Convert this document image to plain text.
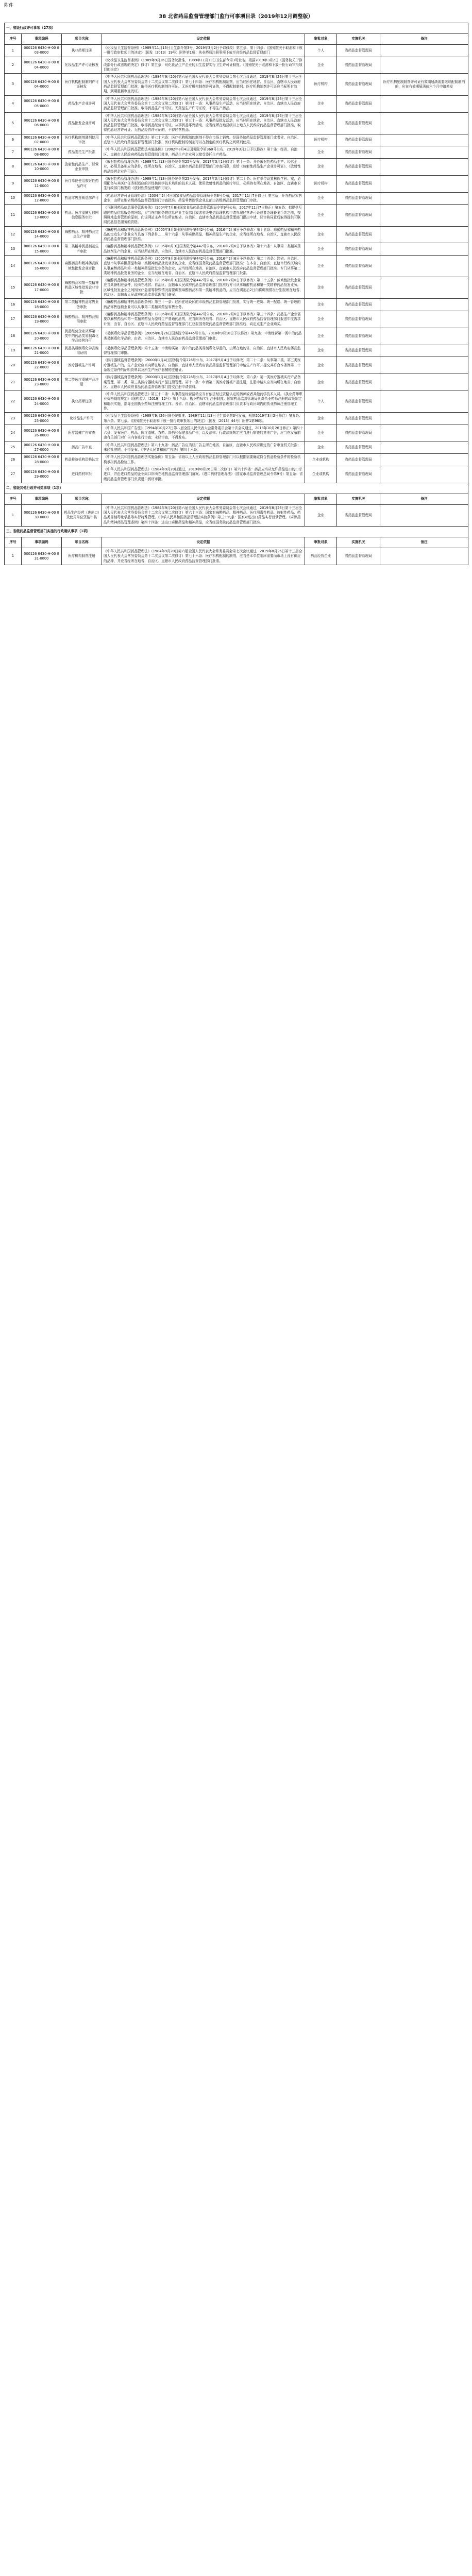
附件
38 北省药品监督管理部门监行可事项目录（2019年12月调整版）
一、省级行政许可事项（27项）						
序号	事项编码	项目名称	设定依据	审批对象	实施机关	备注
1	000126 6430-H-00 003-0000	执业药师注册	《化妆品卫生监督条例》（1989年11月13日卫生部令第3号，2019年3月2日予以修改）第五条、第十四条；《国务院关于取消和下放一批行政审批项目的决定》（国发〔2013〕19号）附件第1项：执业药师注册事项下放至省级药品监督管理部门	个人	省药品监督管理局	
2	000126 6430-H-00 004-0000	化妆品生产许可证核发	《化妆品卫生监督条例》（1989年9月26日国务院批准、1989年11月13日卫生部令第3号发布，根据2019年3月2日《国务院关于修改部分行政法规的决定》修订）第五条：对化妆品生产企业的卫生监督实行卫生许可证制度。《国务院关于取消和下放一批行政审批项目的决定》	企业	省药品监督管理局	
3	000126 6430-H-00 004-0000	医疗机构配制制剂许可证核发	《中华人民共和国药品管理法》（1984年9月20日第六届全国人民代表大会常务委员会第七次会议通过，2019年8月26日第十三届全国人民代表大会常务委员会第十二次会议第二次修订）第七十四条：医疗机构配制制剂，应当经所在地省、自治区、直辖市人民政府药品监督管理部门批准，取得医疗机构制剂许可证。无医疗机构制剂许可证的，不得配制制剂。医疗机构制剂许可证应当标明有效期，到期重新审查发证。	医疗机构	省药品监督管理局	医疗机构配制制剂许可证有效期届满需要继续配制制剂的，应在有效期届满前六个月申请换发
4	000126 6430-H-00 005-0000	药品生产企业许可	《中华人民共和国药品管理法》（1984年9月20日第六届全国人民代表大会常务委员会第七次会议通过，2019年8月26日第十三届全国人民代表大会常务委员会第十二次会议第二次修订）第四十一条：从事药品生产活动，应当经所在地省、自治区、直辖市人民政府药品监督管理部门批准，取得药品生产许可证。无药品生产许可证的，不得生产药品。	企业	省药品监督管理局	
5	000126 6430-H-00 006-0000	药品批发企业许可	《中华人民共和国药品管理法》（1984年9月20日第六届全国人民代表大会常务委员会第七次会议通过，2019年8月26日第十三届全国人民代表大会常务委员会第十二次会议第二次修订）第五十一条：从事药品批发活动，应当经所在地省、自治区、直辖市人民政府药品监督管理部门批准，取得药品经营许可证。从事药品零售活动，应当经所在地县级以上地方人民政府药品监督管理部门批准，取得药品经营许可证。无药品经营许可证的，不得经营药品。	企业	省药品监督管理局	
6	000126 6430-H-00 007-0000	医疗机构制剂调剂使用审批	《中华人民共和国药品管理法》第七十六条：医疗机构配制的制剂不得在市场上销售。经国务院药品监督管理部门或者省、自治区、直辖市人民政府药品监督管理部门批准，医疗机构配制的制剂可以在指定的医疗机构之间调剂使用。	医疗机构	省药品监督管理局	
7	000126 6430-H-00 008-0000	药品委托生产批准	《中华人民共和国药品管理法实施条例》（2002年8月4日国务院令第360号公布，2019年3月2日予以修改）第十条：经省、自治区、直辖市人民政府药品监督管理部门批准，药品生产企业可以接受委托生产药品。	企业	省药品监督管理局	
8	000126 6430-H-00 010-0000	放射性药品生产、经营企业审批	《放射性药品管理办法》（1989年1月13日国务院令第25号发布，2017年3月1日修订）第十一条：开办放射性药品生产、经营企业，必须具备相应的条件，经所在地省、自治区、直辖市药品监督管理部门审查同意，发给《放射性药品生产企业许可证》、《放射性药品经营企业许可证》。	企业	省药品监督管理局	
9	000126 6430-H-00 011-0000	医疗单位使用放射性药品许可	《放射性药品管理办法》（1989年1月13日国务院令第25号发布，2017年3月1日修订）第二十条：医疗单位设置核医学科、室，必须配备与其医疗任务相适应的并经核医学技术培训的技术人员。使用放射性药品的医疗单位，必须持有所在地省、自治区、直辖市卫生行政部门核发的《放射性药品使用许可证》。	医疗机构	省药品监督管理局	
10	000126 6430-H-00 012-0000	药品零售连锁总部许可	《药品经营许可证管理办法》（2004年2月4日国家食品药品监督管理局令第6号公布，2017年11月7日修正）第三条：开办药品零售企业，由所在地省级药品监督管理部门审查批准。药品零售连锁企业总部由省级药品监督管理部门审批。	企业	省药品监督管理局	
11	000126 6430-H-00 013-0000	药品、医疗器械互联网信息服务审批	《互联网药品信息服务管理办法》（2004年7月8日国家食品药品监督管理局令第9号公布，2017年11月7日修正）第五条：拟提供互联网药品信息服务的网站，应当在向国务院信息产业主管部门或者省级电信管理机构申请办理经营许可证或者办理备案手续之前，按照属地监督管理的原则，向该网站主办单位所在地省、自治区、直辖市食品药品监督管理部门提出申请，经审核同意后取得提供互联网药品信息服务的资格。	企业	省药品监督管理局	
12	000126 6430-H-00 014-0000	麻醉药品、精神药品定点生产审批	《麻醉药品和精神药品管理条例》（2005年8月3日国务院令第442号公布，2016年2月6日予以修改）第十五条：麻醉药品和精神药品的定点生产企业应当具备下列条件……第十六条：从事麻醉药品、精神药品生产的企业，应当经所在地省、自治区、直辖市人民政府药品监督管理部门批准。	企业	省药品监督管理局	
13	000126 6430-H-00 015-0000	第二类精神药品制剂生产审批	《麻醉药品和精神药品管理条例》（2005年8月3日国务院令第442号公布，2016年2月6日予以修改）第十六条：从事第二类精神药品制剂生产的企业，应当经所在地省、自治区、直辖市人民政府药品监督管理部门批准。	企业	省药品监督管理局	
14	000126 6430-H-00 016-0000	麻醉药品和精神药品区域性批发企业审批	《麻醉药品和精神药品管理条例》（2005年8月3日国务院令第442号公布，2016年2月6日予以修改）第二十四条：跨省、自治区、直辖市从事麻醉药品和第一类精神药品批发业务的企业，应当经国务院药品监督管理部门批准；在本省、自治区、直辖市行政区域内从事麻醉药品和第一类精神药品批发业务的企业，应当经所在地省、自治区、直辖市人民政府药品监督管理部门批准。专门从事第二类精神药品批发业务的企业，应当经所在地省、自治区、直辖市人民政府药品监督管理部门批准。	企业	省药品监督管理局	
15	000126 6430-H-00 017-0000	麻醉药品和第一类精神药品区域性批发企业审批	《麻醉药品和精神药品管理条例》（2005年8月3日国务院令第442号公布，2016年2月6日予以修改）第二十五条：区域性批发企业应当具备相应条件，经所在地省、自治区、直辖市人民政府药品监督管理部门批准后方可从事麻醉药品和第一类精神药品批发业务。区域性批发企业之间因医疗急需等特殊情况需要调剂麻醉药品和第一类精神药品的，应当在调剂后2日内将调剂情况分别报所在地省、自治区、直辖市人民政府药品监督管理部门备案。	企业	省药品监督管理局	
16	000126 6430-H-00 018-0000	第二类精神药品零售业务审批	《麻醉药品和精神药品管理条例》第三十一条：经所在地设区的市级药品监督管理部门批准，实行统一进货、统一配送、统一管理的药品零售连锁企业可以从事第二类精神药品零售业务。	企业	省药品监督管理局	
17	000126 6430-H-00 019-0000	麻醉药品、精神药品购用审批	《麻醉药品和精神药品管理条例》（2005年8月3日国务院令第442号公布，2016年2月6日予以修改）第三十四条：药品生产企业需要以麻醉药品和第一类精神药品为原料生产普通药品的，应当向所在地省、自治区、直辖市人民政府药品监督管理部门报送年度需求计划，由省、自治区、直辖市人民政府药品监督管理部门汇总报国务院药品监督管理部门批准后，向定点生产企业购买。	企业	省药品监督管理局	
18	000126 6430-H-00 020-0000	药品经营企业从事第一类中的药品类易制毒化学品经营许可	《易制毒化学品管理条例》（2005年8月26日国务院令第445号公布，2018年9月18日予以修改）第九条：申请经营第一类中的药品类易制毒化学品的，由省、自治区、直辖市人民政府药品监督管理部门审批。	企业	省药品监督管理局	
19	000126 6430-H-00 021-0000	药品类易制毒化学品购用证明	《易制毒化学品管理条例》第十五条：申请购买第一类中的药品类易制毒化学品的，由所在地的省、自治区、直辖市人民政府药品监督管理部门审批。	企业	省药品监督管理局	
20	000126 6430-H-00 022-0000	医疗器械生产许可	《医疗器械监督管理条例》（2000年1月4日国务院令第276号公布，2017年5月4日予以修改）第二十二条：从事第二类、第三类医疗器械生产的，生产企业应当向所在地省、自治区、直辖市人民政府食品药品监督管理部门申请生产许可并提交其符合本条例第二十条规定条件的证明资料以及所生产医疗器械的注册证。	企业	省药品监督管理局	
21	000126 6430-H-00 023-0000	第二类医疗器械产品注册	《医疗器械监督管理条例》（2000年1月4日国务院令第276号公布，2017年5月4日予以修改）第八条：第一类医疗器械实行产品备案管理，第二类、第三类医疗器械实行产品注册管理。第十一条：申请第二类医疗器械产品注册，注册申请人应当向所在地省、自治区、直辖市人民政府食品药品监督管理部门提交注册申请资料。	企业	省药品监督管理局	
22	000126 6430-H-00 024-0000	执业药师注册	《中华人民共和国药品管理法》第五十二条：从事药品经营活动应当有依法经过资格认定的药师或者其他药学技术人员。《执业药师职业资格制度规定》（国药监人〔2019〕12号）第十八条：执业药师实行注册制度。国家药品监督管理局负责执业药师注册的政策制定和组织实施，指导全国执业药师注册管理工作。各省、自治区、直辖市药品监督管理部门负责本行政区域内的执业药师注册管理工作。	个人	省药品监督管理局	
23	000126 6430-H-00 025-0000	化妆品生产许可	《化妆品卫生监督条例》（1989年9月26日国务院批准、1989年11月13日卫生部令第3号发布，根据2019年3月2日修订）第五条、第六条、第七条。《国务院关于取消和下放一批行政审批项目的决定》（国发〔2013〕44号）附件1第96项。	企业	省药品监督管理局	
24	000126 6430-H-00 026-0000	医疗器械广告审查	《中华人民共和国广告法》（1994年10月27日第八届全国人民代表大会常务委员会第十次会议通过，2018年10月26日修正）第四十六条：发布医疗、药品、医疗器械、农药、兽药和保健食品广告，以及法律、行政法规规定应当进行审查的其他广告，应当在发布前由有关部门对广告内容进行审查；未经审查，不得发布。	企业	省药品监督管理局	
25	000126 6430-H-00 027-0000	药品广告审查	《中华人民共和国药品管理法》第八十九条：药品广告应当经广告主所在地省、自治区、直辖市人民政府确定的广告审查机关批准；未经批准的，不得发布。《中华人民共和国广告法》第四十六条。	企业	省药品监督管理局	
26	000126 6430-H-00 028-0000	药品检验机构资格认定	《中华人民共和国药品管理法实施条例》第五条：省级以上人民政府药品监督管理部门可以根据需要确定符合药品检验条件的检验机构承担药品检验工作。	企业或机构	省药品监督管理局	
27	000126 6430-H-00 029-0000	进口药材审批	《中华人民共和国药品管理法》（1984年9月20日通过，2019年8月26日第二次修订）第六十四条：药品应当从允许药品进口的口岸进口，并由进口药品的企业向口岸所在地药品监督管理部门备案。《进口药材管理办法》（国家市场监督管理总局令第9号）第五条：省级药品监督管理部门负责进口药材审批。	企业或机构	省药品监督管理局	
二、省级其他行政许可类事项（1项）						
序号	事项编码	项目名称	设定依据	审批对象	实施机关	备注
1	000126 6430-H-00 030-0000	药品生产经营（进出口）及使用单位资格审核	《中华人民共和国药品管理法》（1984年9月20日第六届全国人民代表大会常务委员会第七次会议通过，2019年8月26日第十三届全国人民代表大会常务委员会第十二次会议第二次修订）第六十三条：国家对麻醉药品、精神药品、医疗用毒性药品、放射性药品、药品类易制毒化学品等实行特殊管理。《中华人民共和国药品管理法实施条例》第三十九条：国家对进出口药品实行目录管理。《麻醉药品和精神药品管理条例》第四十四条：进出口麻醉药品和精神药品，应当经国务院药品监督管理部门批准。	企业	省药品监督管理局	
三、省级药品监督管理部门实施的行政确认事项（1项）						
序号	事项编码	项目名称	设定依据	审批对象	实施机关	备注
1	000126 6430-H-00 031-0000	医疗机构制剂注册	《中华人民共和国药品管理法》（1984年9月20日第六届全国人民代表大会常务委员会第七次会议通过，2019年8月26日第十三届全国人民代表大会常务委员会第十二次会议第二次修订）第七十六条：医疗机构配制的制剂，应当是本单位临床需要而市场上没有供应的品种，并应当经所在地省、自治区、直辖市人民政府药品监督管理部门批准。	药品经营企业	省药品监督管理局	
